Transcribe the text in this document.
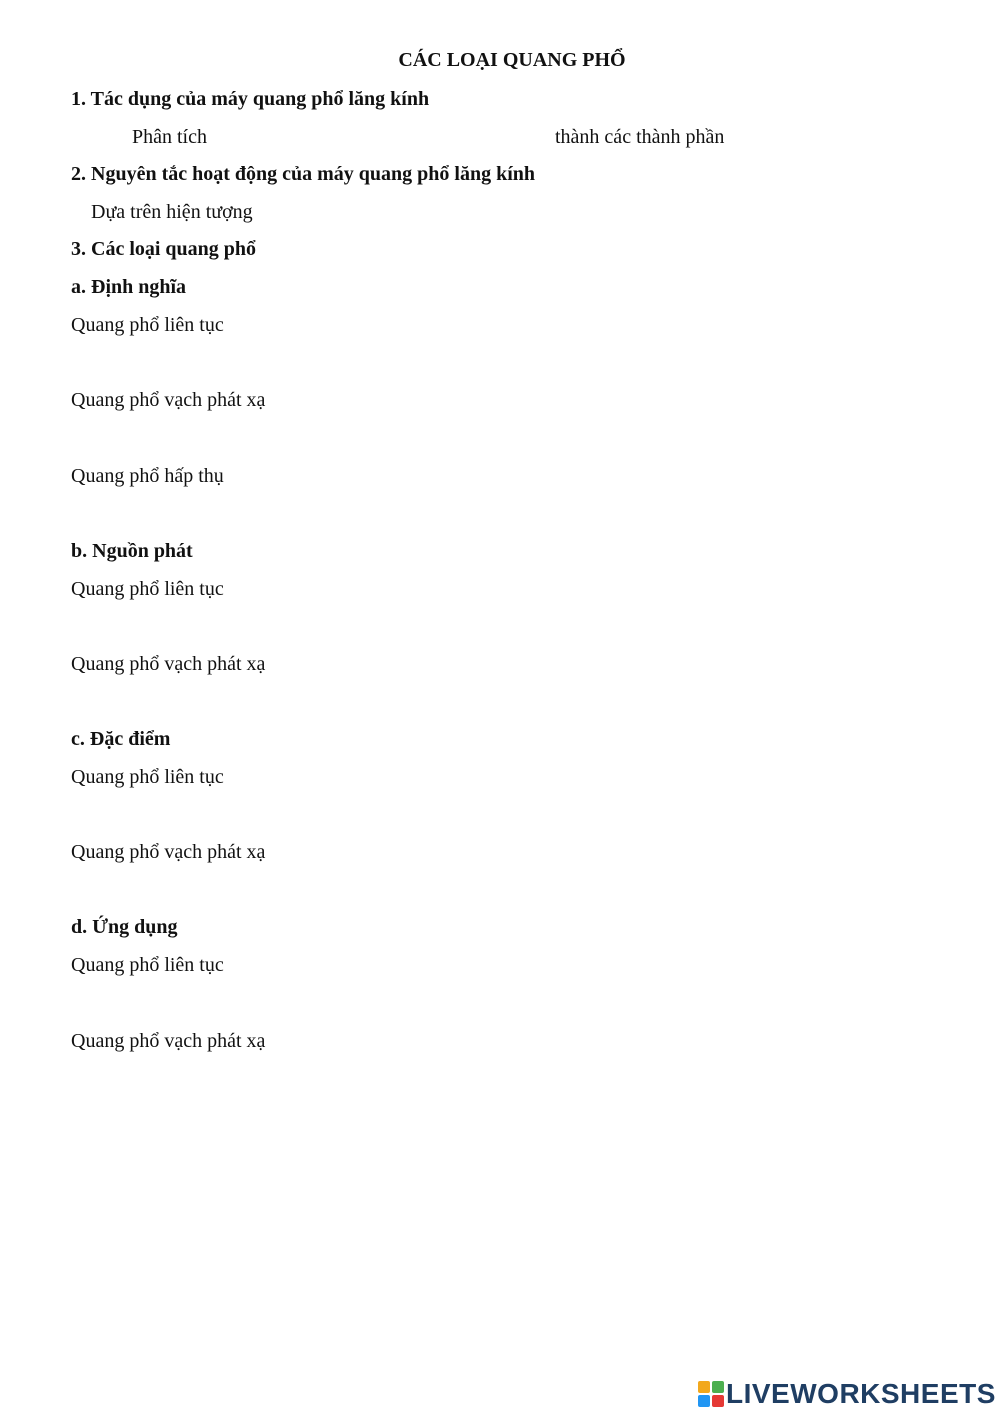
CÁC LOẠI QUANG PHỔ
1. Tác dụng của máy quang phổ lăng kính
Phân tích	thành các thành phần
2. Nguyên tắc hoạt động của máy quang phổ lăng kính
Dựa trên hiện tượng
3. Các loại quang phổ
a. Định nghĩa
Quang phổ liên tục
Quang phổ vạch phát xạ
Quang phổ hấp thụ
b. Nguồn phát
Quang phổ liên tục
Quang phổ vạch phát xạ
c. Đặc điểm
Quang phổ liên tục
Quang phổ vạch phát xạ
d. Ứng dụng
Quang phổ liên tục
Quang phổ vạch phát xạ
LIVEWORKSHEETS
